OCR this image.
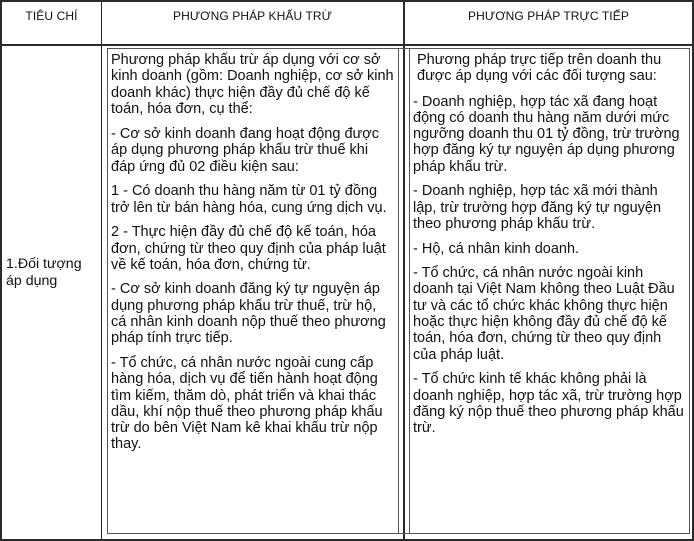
TIÊU CHÍ	PHƯƠNG PHÁP KHẤU TRỪ	PHƯƠNG PHÁP TRỰC TIẾP
1.Đối tượng áp dụng

Phương pháp khấu trừ áp dụng với cơ sở kinh doanh (gồm: Doanh nghiệp, cơ sở kinh doanh khác) thực hiện đầy đủ chế độ kế toán, hóa đơn, cụ thể:

- Cơ sở kinh doanh đang hoạt động được áp dụng phương pháp khấu trừ thuế khi đáp ứng đủ 02 điều kiện sau:

1 - Có doanh thu hàng năm từ 01 tỷ đồng trở lên từ bán hàng hóa, cung ứng dịch vụ.

2 - Thực hiện đầy đủ chế độ kế toán, hóa đơn, chứng từ theo quy định của pháp luật về kế toán, hóa đơn, chứng từ.

- Cơ sở kinh doanh đăng ký tự nguyện áp dụng phương pháp khấu trừ thuế, trừ hộ, cá nhân kinh doanh nộp thuế theo phương pháp tính trực tiếp.

- Tổ chức, cá nhân nước ngoài cung cấp hàng hóa, dịch vụ để tiến hành hoạt động tìm kiếm, thăm dò, phát triển và khai thác dầu, khí nộp thuế theo phương pháp khấu trừ do bên Việt Nam kê khai khấu trừ nộp thay.

Phương pháp trực tiếp trên doanh thu được áp dụng với các đối tượng sau:

- Doanh nghiệp, hợp tác xã đang hoạt động có doanh thu hàng năm dưới mức ngưỡng doanh thu 01 tỷ đồng, trừ trường hợp đăng ký tự nguyện áp dụng phương pháp khấu trừ.

- Doanh nghiệp, hợp tác xã mới thành lập, trừ trường hợp đăng ký tự nguyện theo phương pháp khấu trừ.

- Hộ, cá nhân kinh doanh.

- Tổ chức, cá nhân nước ngoài kinh doanh tại Việt Nam không theo Luật Đầu tư và các tổ chức khác không thực hiện hoặc thực hiện không đầy đủ chế độ kế toán, hóa đơn, chứng từ theo quy định của pháp luật.

- Tổ chức kinh tế khác không phải là doanh nghiệp, hợp tác xã, trừ trường hợp đăng ký nộp thuế theo phương pháp khấu trừ.
